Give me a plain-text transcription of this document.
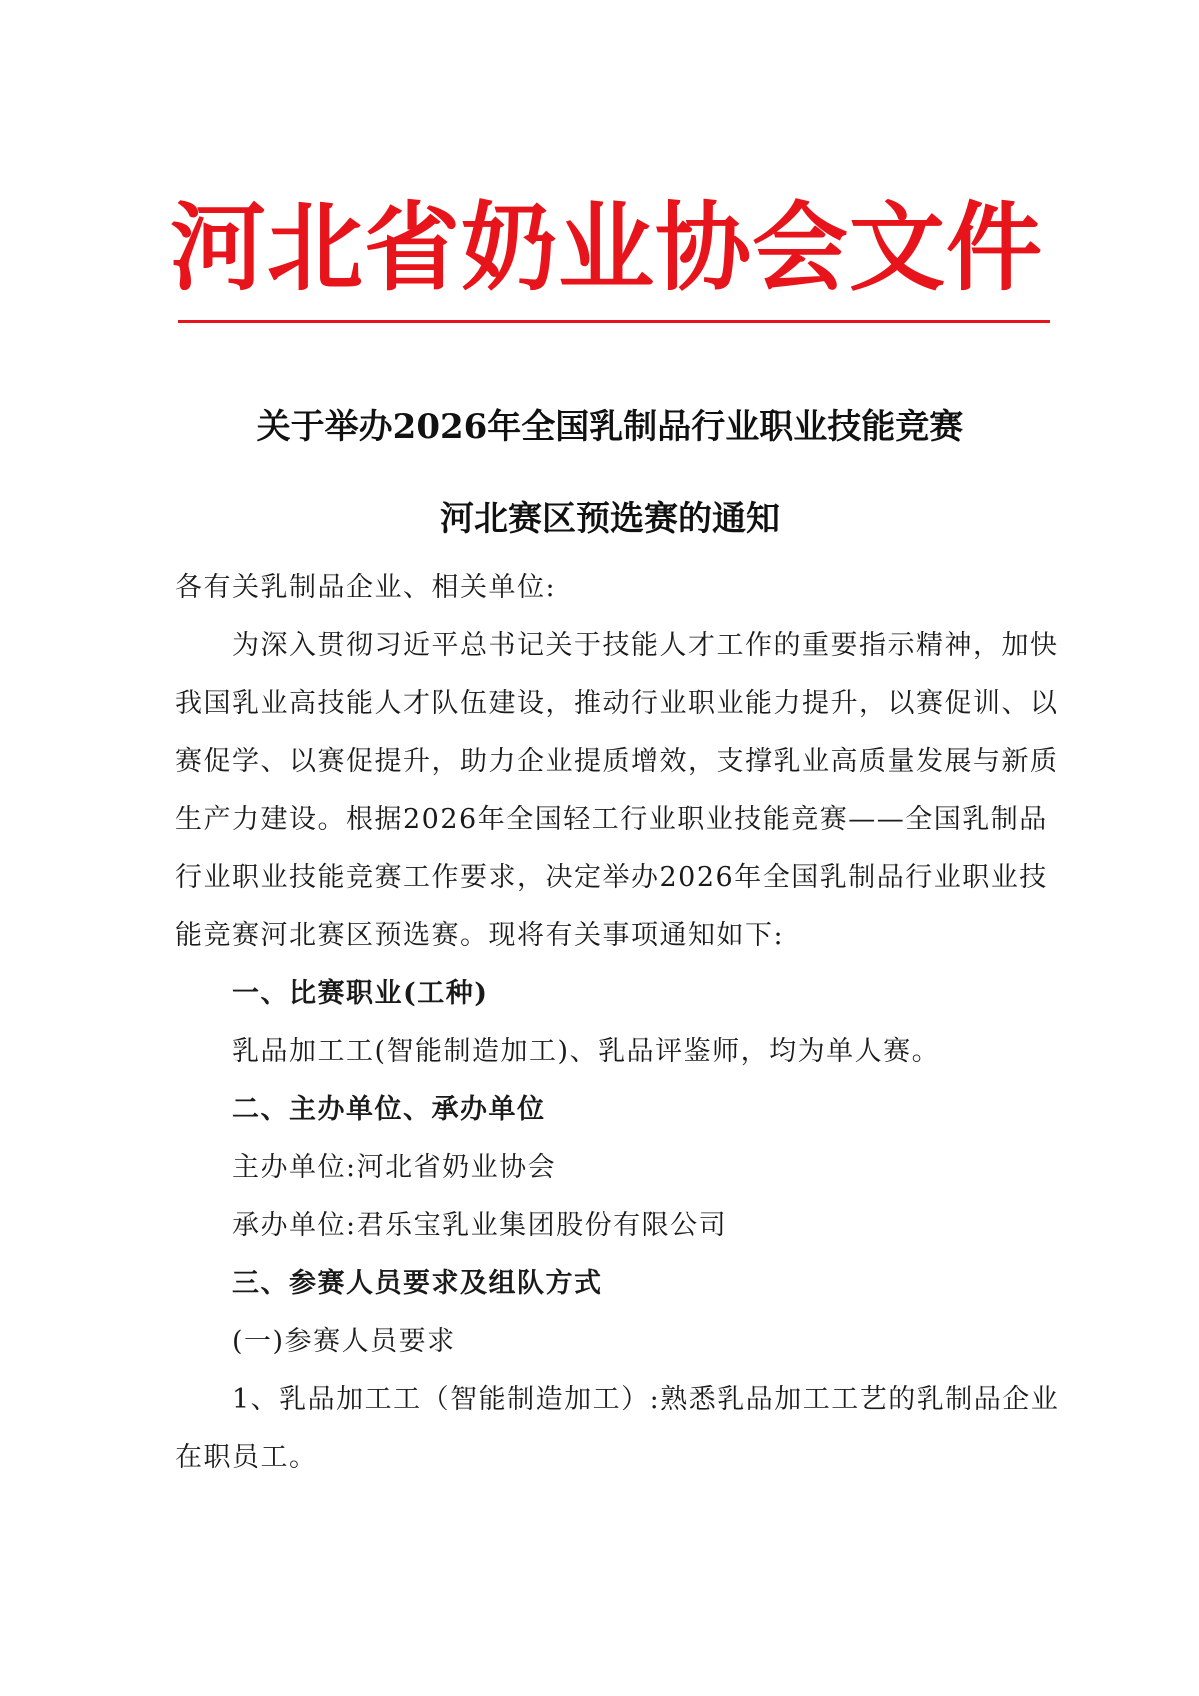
河北省奶业协会文件
关于举办2026年全国乳制品行业职业技能竞赛
河北赛区预选赛的通知
各有关乳制品企业、相关单位:
为深入贯彻习近平总书记关于技能人才工作的重要指示精神，加快
我国乳业高技能人才队伍建设，推动行业职业能力提升，以赛促训、以
赛促学、以赛促提升，助力企业提质增效，支撑乳业高质量发展与新质
生产力建设。根据2026年全国轻工行业职业技能竞赛——全国乳制品
行业职业技能竞赛工作要求，决定举办2026年全国乳制品行业职业技
能竞赛河北赛区预选赛。现将有关事项通知如下:
一、比赛职业(工种)
乳品加工工(智能制造加工)、乳品评鉴师，均为单人赛。
二、主办单位、承办单位
主办单位:河北省奶业协会
承办单位:君乐宝乳业集团股份有限公司
三、参赛人员要求及组队方式
(一)参赛人员要求
1、乳品加工工（智能制造加工）:熟悉乳品加工工艺的乳制品企业
在职员工。
